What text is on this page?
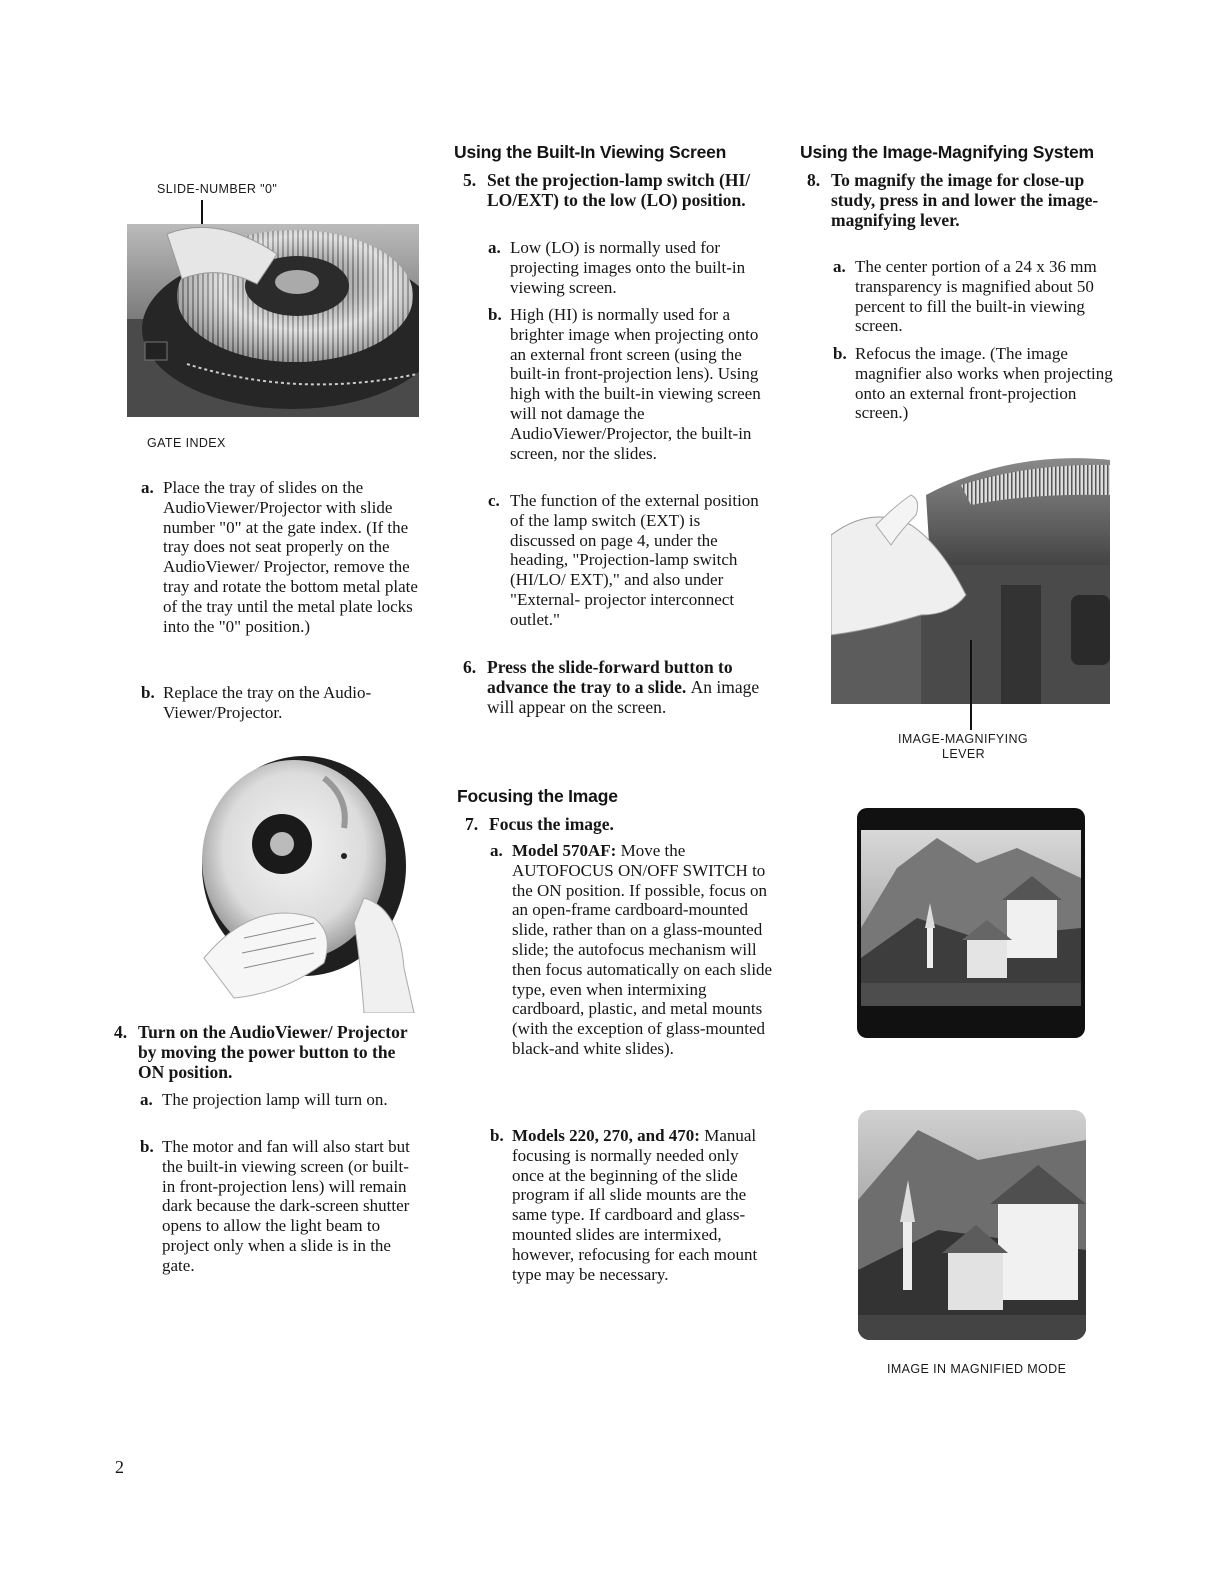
SLIDE-NUMBER "0"
GATE INDEX
a. Place the tray of slides on the AudioViewer/Projector with slide number "0" at the gate index. (If the tray does not seat properly on the AudioViewer/ Projector, remove the tray and rotate the bottom metal plate of the tray until the metal plate locks into the "0" position.)
b. Replace the tray on the Audio-Viewer/Projector.
4. Turn on the AudioViewer/ Projector by moving the power button to the ON position.
a. The projection lamp will turn on.
b. The motor and fan will also start but the built-in viewing screen (or built-in front-projection lens) will remain dark because the dark-screen shutter opens to allow the light beam to project only when a slide is in the gate.
Using the Built-In Viewing Screen
5. Set the projection-lamp switch (HI/ LO/EXT) to the low (LO) position.
a. Low (LO) is normally used for projecting images onto the built-in viewing screen.
b. High (HI) is normally used for a brighter image when projecting onto an external front screen (using the built-in front-projection lens). Using high with the built-in viewing screen will not damage the AudioViewer/Projector, the built-in screen, nor the slides.
c. The function of the external position of the lamp switch (EXT) is discussed on page 4, under the heading, "Projection-lamp switch (HI/LO/ EXT)," and also under "External- projector interconnect outlet."
6. Press the slide-forward button to advance the tray to a slide. An image will appear on the screen.
Focusing the Image
7. Focus the image.
a. Model 570AF: Move the AUTOFOCUS ON/OFF SWITCH to the ON position. If possible, focus on an open-frame cardboard-mounted slide, rather than on a glass-mounted slide; the autofocus mechanism will then focus automatically on each slide type, even when intermixing cardboard, plastic, and metal mounts (with the exception of glass-mounted black-and white slides).
b. Models 220, 270, and 470: Manual focusing is normally needed only once at the beginning of the slide program if all slide mounts are the same type. If cardboard and glass-mounted slides are intermixed, however, refocusing for each mount type may be necessary.
Using the Image-Magnifying System
8. To magnify the image for close-up study, press in and lower the image-magnifying lever.
a. The center portion of a 24 x 36 mm transparency is magnified about 50 percent to fill the built-in viewing screen.
b. Refocus the image. (The image magnifier also works when projecting onto an external front-projection screen.)
IMAGE-MAGNIFYING
LEVER
IMAGE IN MAGNIFIED MODE
2
